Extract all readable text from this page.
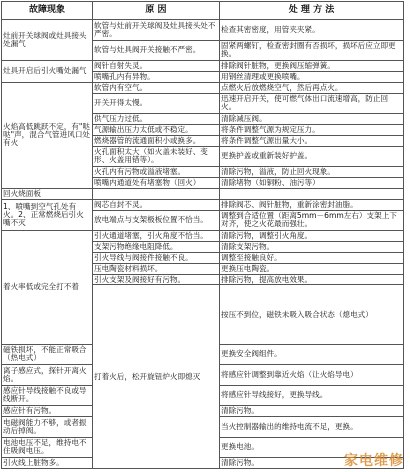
故障现象	原 因	处 理 方 法	
灶前开关球阀或灶具接头处漏气	软管与灶前开关球阀及灶具接头处不严密。	检查其密密度，用管夹夹紧。	
	软管与灶具阀开关接触不严密。	固紧两螺钉，检查密封圈有否损坏，损坏后应立即更换。	
灶具开启后引火嘴处漏气	阀针自射失灵。	排除阀针脏物，更换阀压缩弹簧。	
	喷嘴孔内有异物。	用钢丝清理或更换喷嘴。	
火焰高低跳跃不定，有"哒哒"声，混合气管进风口处有火	软管内有空气。	点燃火后放燃烧空气，然后再点火。	
	开关开得太慢。	迅速开启开关，使可燃气体出口流速增高，防止回火。	
	供气压力过低。	清除减压阀。	
	气源输出压力太低或不稳定。	将条件调整气源为规定压力。	
	燃烧器管的流通面积小或换多。	将条件调整气源出量大小。	
	火孔面积太大（如火盖未装好、变形、火盖用错等）。	更换护盖或重新装好护盖。	
	火孔内有污物或溢液堵塞。	清除污物，溢液，防止回火现象。	
	喷嘴内通道处有堵塞物（回火）	清除堵物（如铜粉、油污等）	
回火烧面板			
1、喷嘴到空气孔处有火。2、正常燃烧后引火嘴不灭	阀芯自封不灵。	排除阀芯、阀针脏物，重新涂密封油脂。	
	放电端点与支架极板位置不恰当。	调整到合适位置（距离5mm－6mm左右）支架上下对齐，使之火花最而强壮。	
着火率低或完全打不着	引火通道堵塞，引火角度不恰当。	清除污物，调整引火角度。	
	支架污物绝缘电阻降低。	清除支架污物。	
	引火导线与阀接件接触不良。	调整至接触良好。	
	压电陶瓷材料损坏。	更换压电陶瓷。	
	引火支架及阀接好有污物。	排除污物，提高放电效果。	
	打着火后，松开旋钮炉火即熄灭	按压不到位，磁铁未吸入吸合状态（熄电式）	
磁铁损坏，不能正常吸合（热电式）		更换安全阀组件。	
离子感应式，探针开离火焰。		将感应针调整到靠近火焰（让火焰导电）	
感应针导线接触不良或导线断开。		将感应针导线接好，更换导线。	
感应针有污物。		清除污物。	
电磁阀能力不够，或者振动后掉阀。		当火控制器输出的维持电流不足，更换。	
电池电压不足，维持电不住吸阀电压。		更换电池。	
引火线上脏物多。		清除污物。		家电维修
